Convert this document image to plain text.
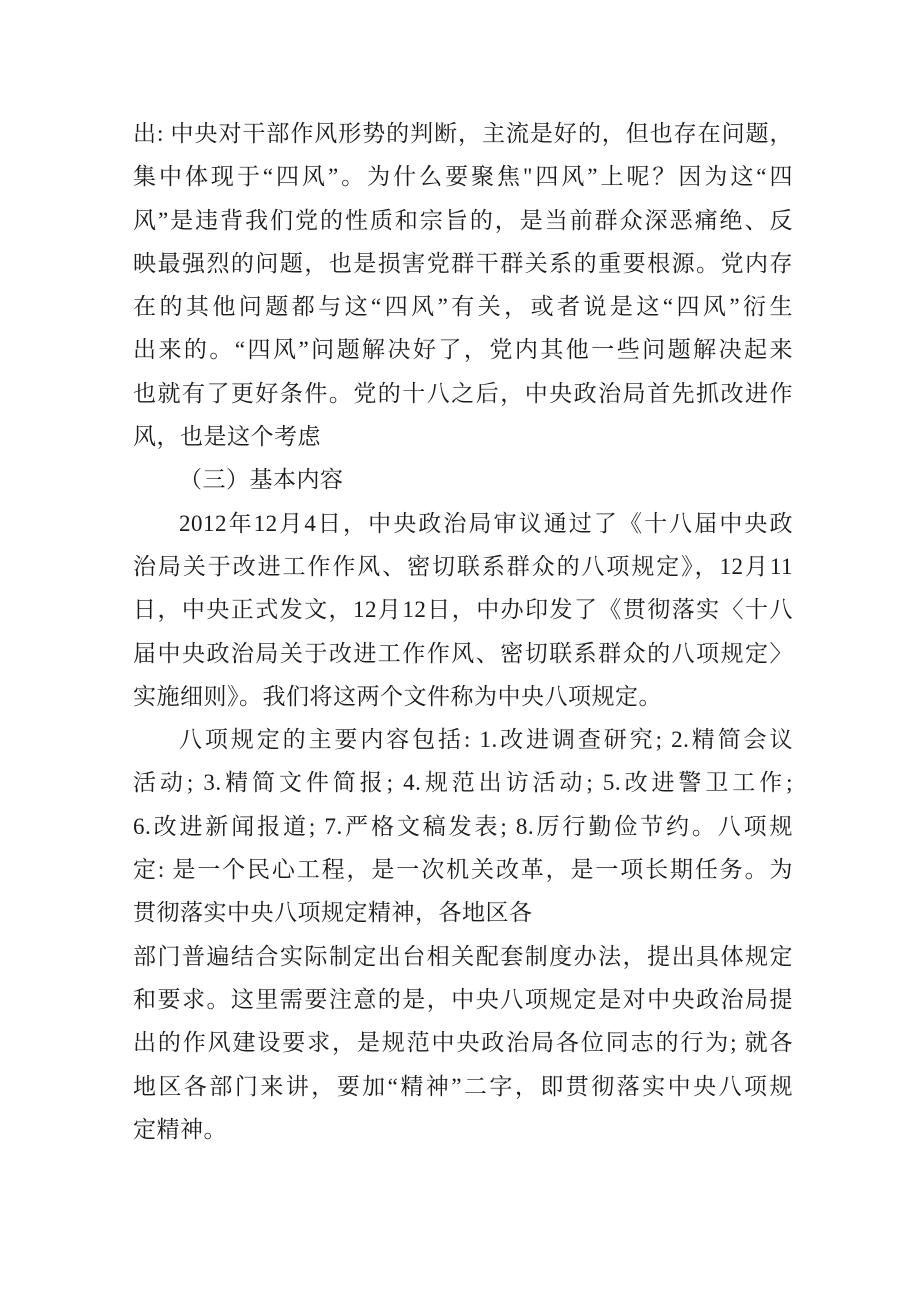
出: 中央对干部作风形势的判断，主流是好的，但也存在问题，
集中体现于“四风”。为什么要聚焦"四风”上呢？因为这“四
风”是违背我们党的性质和宗旨的，是当前群众深恶痛绝、反
映最强烈的问题，也是损害党群干群关系的重要根源。党内存
在的其他问题都与这“四风”有关，或者说是这“四风”衍生
出来的。“四风”问题解决好了，党内其他一些问题解决起来
也就有了更好条件。党的十八之后，中央政治局首先抓改进作
风，也是这个考虑
（三）基本内容
2012年12月4日，中央政治局审议通过了《十八届中央政
治局关于改进工作作风、密切联系群众的八项规定》，12月11
日，中央正式发文，12月12日，中办印发了《贯彻落实〈十八
届中央政治局关于改进工作作风、密切联系群众的八项规定〉
实施细则》。我们将这两个文件称为中央八项规定。
八项规定的主要内容包括: 1.改进调查研究; 2.精简会议
活动; 3.精简文件简报; 4.规范出访活动; 5.改进警卫工作;
6.改进新闻报道; 7.严格文稿发表; 8.厉行勤俭节约。八项规
定: 是一个民心工程，是一次机关改革，是一项长期任务。为
贯彻落实中央八项规定精神，各地区各
部门普遍结合实际制定出台相关配套制度办法，提出具体规定
和要求。这里需要注意的是，中央八项规定是对中央政治局提
出的作风建设要求，是规范中央政治局各位同志的行为; 就各
地区各部门来讲，要加“精神”二字，即贯彻落实中央八项规
定精神。
